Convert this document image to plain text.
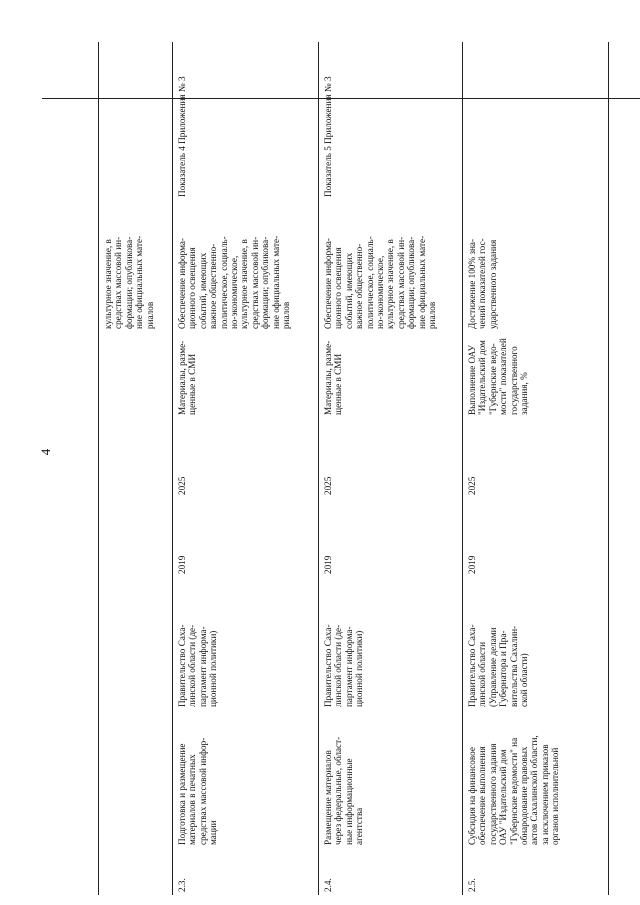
4
культурное значение, в
средствах массовой ин-
формации; опубликова-
ние официальных мате-
риалов
2.3.
Подготовка и размещение
материалов в печатных
средствах массовой инфор-
мации
Правительство Саха-
линской области (де-
партамент информа-
ционной политики)
2019
2025
Материалы, разме-
щенные в СМИ
Обеспечение информа-
ционного освещения
событий, имеющих
важное общественно-
политическое, социаль-
но-экономическое,
культурное значение, в
средствах массовой ин-
формации; опубликова-
ние официальных мате-
риалов
Показатель 4 Приложения № 3
2.4.
Размещение материалов
через федеральные, област-
ные информационные
агентства
Правительство Саха-
линской области (де-
партамент информа-
ционной политики)
2019
2025
Материалы, разме-
щенные в СМИ
Обеспечение информа-
ционного освещения
событий, имеющих
важное общественно-
политическое, социаль-
но-экономическое,
культурное значение, в
средствах массовой ин-
формации; опубликова-
ние официальных мате-
риалов
Показатель 5 Приложения № 3
2.5.
Субсидия на финансовое
обеспечение выполнения
государственного задания
ОАУ "Издательский дом
"Губернские ведомости" на
обнародование правовых
актов Сахалинской области,
за исключением приказов
органов исполнительной
Правительство Саха-
линской области
(Управление делами
Губернатора и Пра-
вительства Сахалин-
ской области)
2019
2025
Выполнение ОАУ
"Издательский дом
"Губернские ведо-
мости" показателей
государственного
задания, %
Достижение 100% зна-
чений показателей гос-
ударственного задания
